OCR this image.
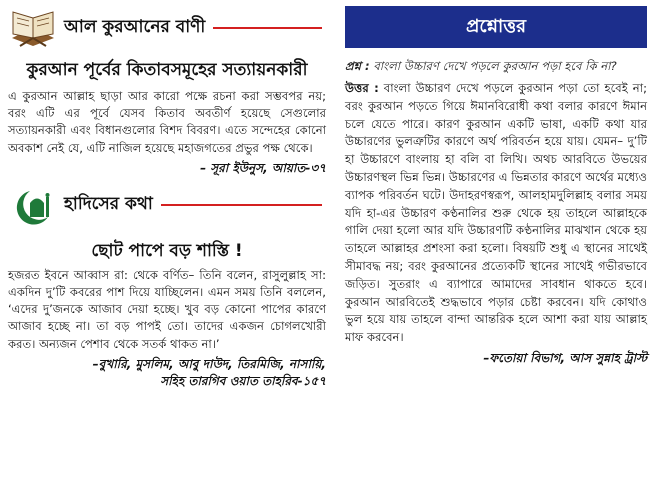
আল কুরআনের বাণী
কুরআন পূর্বের কিতাবসমূহের সত্যায়নকারী
এ কুরআন আল্লাহ ছাড়া আর কারো পক্ষে রচনা করা সম্ভবপর নয়; বরং এটি এর পূর্বে যেসব কিতাব অবতীর্ণ হয়েছে সেগুলোর সত্যায়নকারী এবং বিধানগুলোর বিশদ বিবরণ। এতে সন্দেহের কোনো অবকাশ নেই যে, এটি নাজিল হয়েছে মহাজগতের প্রভুর পক্ষ থেকে।
– সূরা ইউনুস, আয়াত-৩৭
হাদিসের কথা
ছোট পাপে বড় শাস্তি !
হজরত ইবনে আব্বাস রা: থেকে বর্ণিত– তিনি বলেন, রাসুলুল্লাহ সা: একদিন দু’টি কবরের পাশ দিয়ে যাচ্ছিলেন। এমন সময় তিনি বললেন, ‘এদের দু’জনকে আজাব দেয়া হচ্ছে। খুব বড় কোনো পাপের কারণে আজাব হচ্ছে না। তা বড় পাপই তো। তাদের একজন চোগলখোরী করত। অন্যজন পেশাব থেকে সতর্ক থাকত না।’
–বুখারি, মুসলিম, আবু দাউদ, তিরমিজি, নাসায়ি,
সহিহ তারগিব ওয়াত তাহরিব-১৫৭
প্রশ্নোত্তর
প্রশ্ন : বাংলা উচ্চারণ দেখে পড়লে কুরআন পড়া হবে কি না?
উত্তর : বাংলা উচ্চারণ দেখে পড়লে কুরআন পড়া তো হবেই না; বরং কুরআন পড়তে গিয়ে ঈমানবিরোধী কথা বলার কারণে ঈমান চলে যেতে পারে। কারণ কুরআন একটি ভাষা, একটি কথা যার উচ্চারণের ভুলত্রুটির কারণে অর্থ পরিবর্তন হয়ে যায়। যেমন– দু’টি হা উচ্চারণে বাংলায় হা বলি বা লিখি। অথচ আরবিতে উভয়ের উচ্চারণস্থল ভিন্ন ভিন্ন। উচ্চারণের এ ভিন্নতার কারণে অর্থের মধ্যেও ব্যাপক পরিবর্তন ঘটে। উদাহরণস্বরূপ, আলহামদুলিল্লাহ বলার সময় যদি হা-এর উচ্চারণ কণ্ঠনালির শুরু থেকে হয় তাহলে আল্লাহকে গালি দেয়া হলো আর যদি উচ্চারণটি কণ্ঠনালির মাঝখান থেকে হয় তাহলে আল্লাহর প্রশংসা করা হলো। বিষয়টি শুধু এ স্থানের সাথেই সীমাবদ্ধ নয়; বরং কুরআনের প্রত্যেকটি স্থানের সাথেই গভীরভাবে জড়িত। সুতরাং এ ব্যাপারে আমাদের সাবধান থাকতে হবে। কুরআন আরবিতেই শুদ্ধভাবে পড়ার চেষ্টা করবেন। যদি কোথাও ভুল হয়ে যায় তাহলে বান্দা আন্তরিক হলে আশা করা যায় আল্লাহ মাফ করবেন।
–ফতোয়া বিভাগ, আস সুন্নাহ ট্রাস্ট
